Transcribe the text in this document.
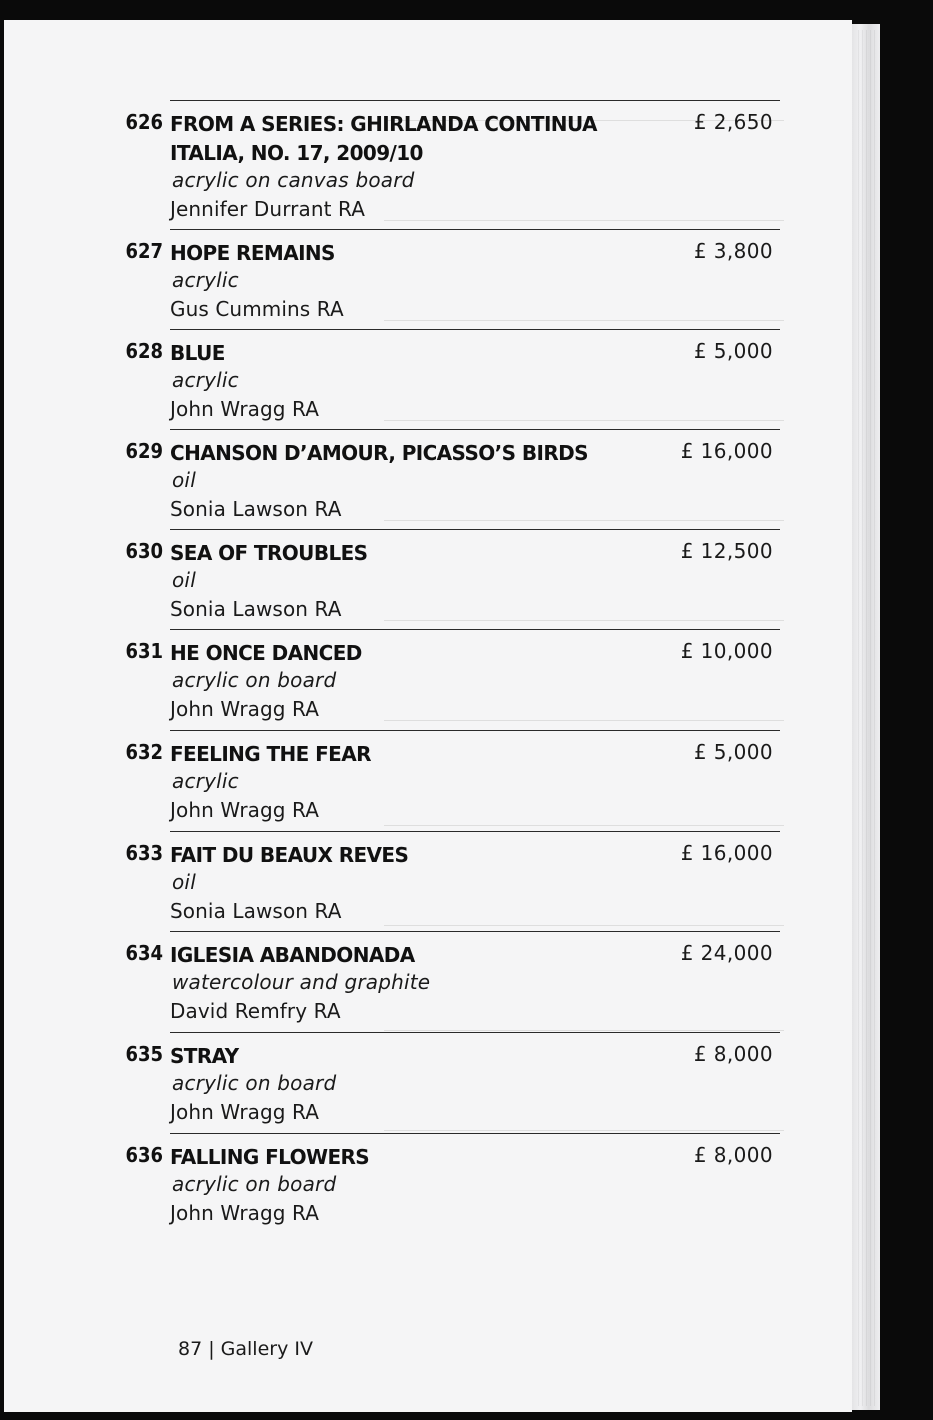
626 FROM A SERIES: GHIRLANDA CONTINUA ITALIA, NO. 17, 2009/10
acrylic on canvas board
Jennifer Durrant RA
£ 2,650
627 HOPE REMAINS
acrylic
Gus Cummins RA
£ 3,800
628 BLUE
acrylic
John Wragg RA
£ 5,000
629 CHANSON D’AMOUR, PICASSO’S BIRDS
oil
Sonia Lawson RA
£ 16,000
630 SEA OF TROUBLES
oil
Sonia Lawson RA
£ 12,500
631 HE ONCE DANCED
acrylic on board
John Wragg RA
£ 10,000
632 FEELING THE FEAR
acrylic
John Wragg RA
£ 5,000
633 FAIT DU BEAUX REVES
oil
Sonia Lawson RA
£ 16,000
634 IGLESIA ABANDONADA
watercolour and graphite
David Remfry RA
£ 24,000
635 STRAY
acrylic on board
John Wragg RA
£ 8,000
636 FALLING FLOWERS
acrylic on board
John Wragg RA
£ 8,000
87 | Gallery IV
